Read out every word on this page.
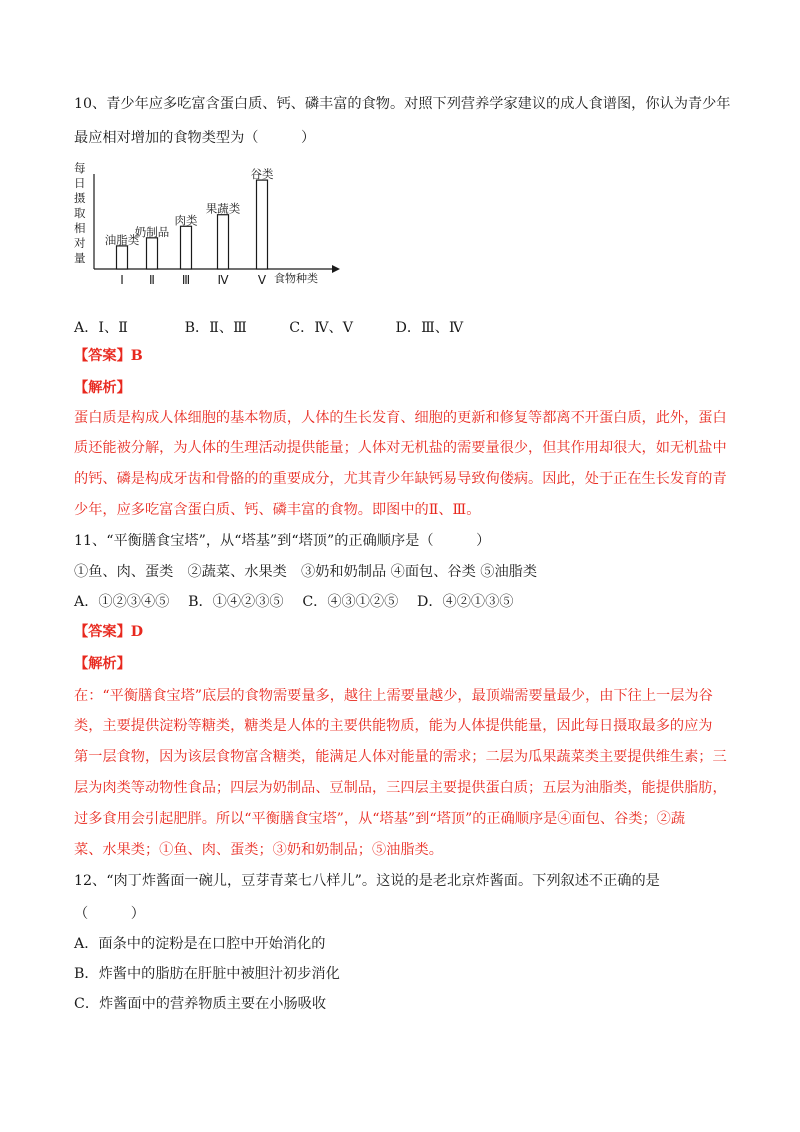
10、青少年应多吃富含蛋白质、钙、磷丰富的食物。对照下列营养学家建议的成人食谱图，你认为青少年
最应相对增加的食物类型为（　　　）
每日摄取相对量
油脂类
奶制品
肉类
果蔬类
谷类
Ⅰ Ⅱ Ⅲ Ⅳ Ⅴ 食物种类
A．Ⅰ、Ⅱ　　　　B．Ⅱ、Ⅲ　　　C．Ⅳ、Ⅴ　　　D．Ⅲ、Ⅳ
【答案】B
【解析】
蛋白质是构成人体细胞的基本物质，人体的生长发育、细胞的更新和修复等都离不开蛋白质，此外，蛋白
质还能被分解，为人体的生理活动提供能量；人体对无机盐的需要量很少，但其作用却很大，如无机盐中
的钙、磷是构成牙齿和骨骼的的重要成分，尤其青少年缺钙易导致佝偻病。因此，处于正在生长发育的青
少年，应多吃富含蛋白质、钙、磷丰富的食物。即图中的Ⅱ、Ⅲ。
11、“平衡膳食宝塔”，从“塔基”到“塔顶”的正确顺序是（　　　）
①鱼、肉、蛋类　②蔬菜、水果类　③奶和奶制品 ④面包、谷类 ⑤油脂类
A．①②③④⑤　 B．①④②③⑤　 C．④③①②⑤　 D．④②①③⑤
【答案】D
【解析】
在：“平衡膳食宝塔”底层的食物需要量多，越往上需要量越少，最顶端需要量最少，由下往上一层为谷
类，主要提供淀粉等糖类，糖类是人体的主要供能物质，能为人体提供能量，因此每日摄取最多的应为
第一层食物，因为该层食物富含糖类，能满足人体对能量的需求；二层为瓜果蔬菜类主要提供维生素；三
层为肉类等动物性食品；四层为奶制品、豆制品，三四层主要提供蛋白质；五层为油脂类，能提供脂肪，
过多食用会引起肥胖。所以“平衡膳食宝塔”，从“塔基”到“塔顶”的正确顺序是④面包、谷类；②蔬
菜、水果类；①鱼、肉、蛋类；③奶和奶制品；⑤油脂类。
12、“肉丁炸酱面一碗儿，豆芽青菜七八样儿”。这说的是老北京炸酱面。下列叙述不正确的是
（　　　）
A．面条中的淀粉是在口腔中开始消化的
B．炸酱中的脂肪在肝脏中被胆汁初步消化
C．炸酱面中的营养物质主要在小肠吸收
